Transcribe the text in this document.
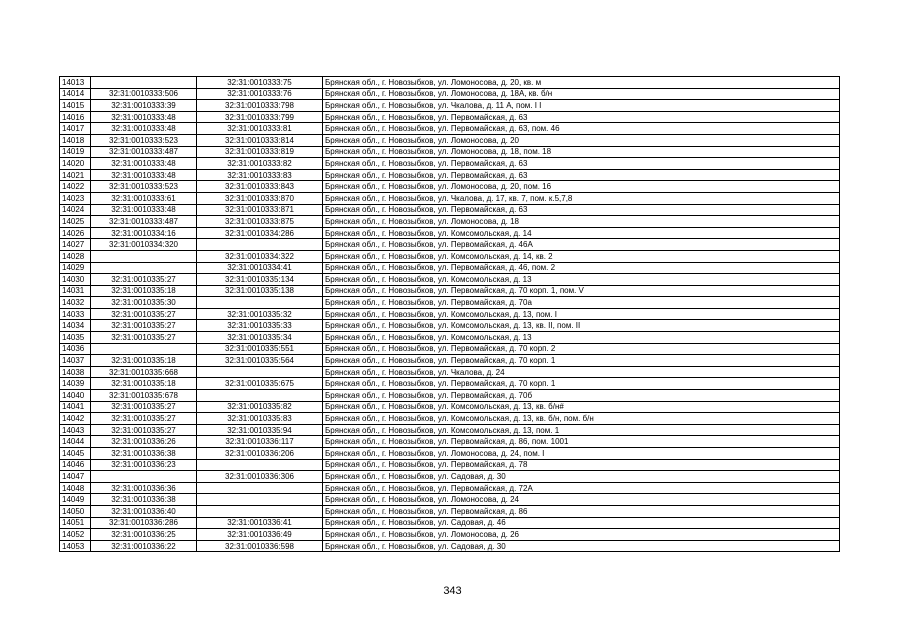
14013		32:31:0010333:75	Брянская обл., г. Новозыбков, ул. Ломоносова, д. 20, кв. м
14014	32:31:0010333:506	32:31:0010333:76	Брянская обл., г. Новозыбков, ул. Ломоносова, д. 18А, кв. б/н
14015	32:31:0010333:39	32:31:0010333:798	Брянская обл., г. Новозыбков, ул. Чкалова, д. 11 А, пом. I I
14016	32:31:0010333:48	32:31:0010333:799	Брянская обл., г. Новозыбков, ул. Первомайская, д. 63
14017	32:31:0010333:48	32:31:0010333:81	Брянская обл., г. Новозыбков, ул. Первомайская, д. 63, пом. 46
14018	32:31:0010333:523	32:31:0010333:814	Брянская обл., г. Новозыбков, ул. Ломоносова, д. 20
14019	32:31:0010333:487	32:31:0010333:819	Брянская обл., г. Новозыбков, ул. Ломоносова, д. 18, пом. 18
14020	32:31:0010333:48	32:31:0010333:82	Брянская обл., г. Новозыбков, ул. Первомайская, д. 63
14021	32:31:0010333:48	32:31:0010333:83	Брянская обл., г. Новозыбков, ул. Первомайская, д. 63
14022	32:31:0010333:523	32:31:0010333:843	Брянская обл., г. Новозыбков, ул. Ломоносова, д. 20, пом. 16
14023	32:31:0010333:61	32:31:0010333:870	Брянская обл., г. Новозыбков, ул. Чкалова, д. 17, кв. 7, пом. к.5,7,8
14024	32:31:0010333:48	32:31:0010333:871	Брянская обл., г. Новозыбков, ул. Первомайская, д. 63
14025	32:31:0010333:487	32:31:0010333:875	Брянская обл., г. Новозыбков, ул. Ломоносова, д. 18
14026	32:31:0010334:16	32:31:0010334:286	Брянская обл., г. Новозыбков, ул. Комсомольская, д. 14
14027	32:31:0010334:320		Брянская обл., г. Новозыбков, ул. Первомайская, д. 46А
14028		32:31:0010334:322	Брянская обл., г. Новозыбков, ул. Комсомольская, д. 14, кв. 2
14029		32:31:0010334:41	Брянская обл., г. Новозыбков, ул. Первомайская, д. 46, пом. 2
14030	32:31:0010335:27	32:31:0010335:134	Брянская обл., г. Новозыбков, ул. Комсомольская, д. 13
14031	32:31:0010335:18	32:31:0010335:138	Брянская обл., г. Новозыбков, ул. Первомайская, д. 70 корп. 1, пом. V
14032	32:31:0010335:30		Брянская обл., г. Новозыбков, ул. Первомайская, д. 70а
14033	32:31:0010335:27	32:31:0010335:32	Брянская обл., г. Новозыбков, ул. Комсомольская, д. 13, пом. I
14034	32:31:0010335:27	32:31:0010335:33	Брянская обл., г. Новозыбков, ул. Комсомольская, д. 13, кв. II, пом. II
14035	32:31:0010335:27	32:31:0010335:34	Брянская обл., г. Новозыбков, ул. Комсомольская, д. 13
14036		32:31:0010335:551	Брянская обл., г. Новозыбков, ул. Первомайская, д. 70 корп. 2
14037	32:31:0010335:18	32:31:0010335:564	Брянская обл., г. Новозыбков, ул. Первомайская, д. 70 корп. 1
14038	32:31:0010335:668		Брянская обл., г. Новозыбков, ул. Чкалова, д. 24
14039	32:31:0010335:18	32:31:0010335:675	Брянская обл., г. Новозыбков, ул. Первомайская, д. 70 корп. 1
14040	32:31:0010335:678		Брянская обл., г. Новозыбков, ул. Первомайская, д. 70б
14041	32:31:0010335:27	32:31:0010335:82	Брянская обл., г. Новозыбков, ул. Комсомольская, д. 13, кв. б/н#
14042	32:31:0010335:27	32:31:0010335:83	Брянская обл., г. Новозыбков, ул. Комсомольская, д. 13, кв. б/н, пом. б/н
14043	32:31:0010335:27	32:31:0010335:94	Брянская обл., г. Новозыбков, ул. Комсомольская, д. 13, пом. 1
14044	32:31:0010336:26	32:31:0010336:117	Брянская обл., г. Новозыбков, ул. Первомайская, д. 86, пом. 1001
14045	32:31:0010336:38	32:31:0010336:206	Брянская обл., г. Новозыбков, ул. Ломоносова, д. 24, пом. I
14046	32:31:0010336:23		Брянская обл., г. Новозыбков, ул. Первомайская, д. 78
14047		32:31:0010336:306	Брянская обл., г. Новозыбков, ул. Садовая, д. 30
14048	32:31:0010336:36		Брянская обл., г. Новозыбков, ул. Первомайская, д. 72А
14049	32:31:0010336:38		Брянская обл., г. Новозыбков, ул. Ломоносова, д. 24
14050	32:31:0010336:40		Брянская обл., г. Новозыбков, ул. Первомайская, д. 86
14051	32:31:0010336:286	32:31:0010336:41	Брянская обл., г. Новозыбков, ул. Садовая, д. 46
14052	32:31:0010336:25	32:31:0010336:49	Брянская обл., г. Новозыбков, ул. Ломоносова, д. 26
14053	32:31:0010336:22	32:31:0010336:598	Брянская обл., г. Новозыбков, ул. Садовая, д. 30
343
